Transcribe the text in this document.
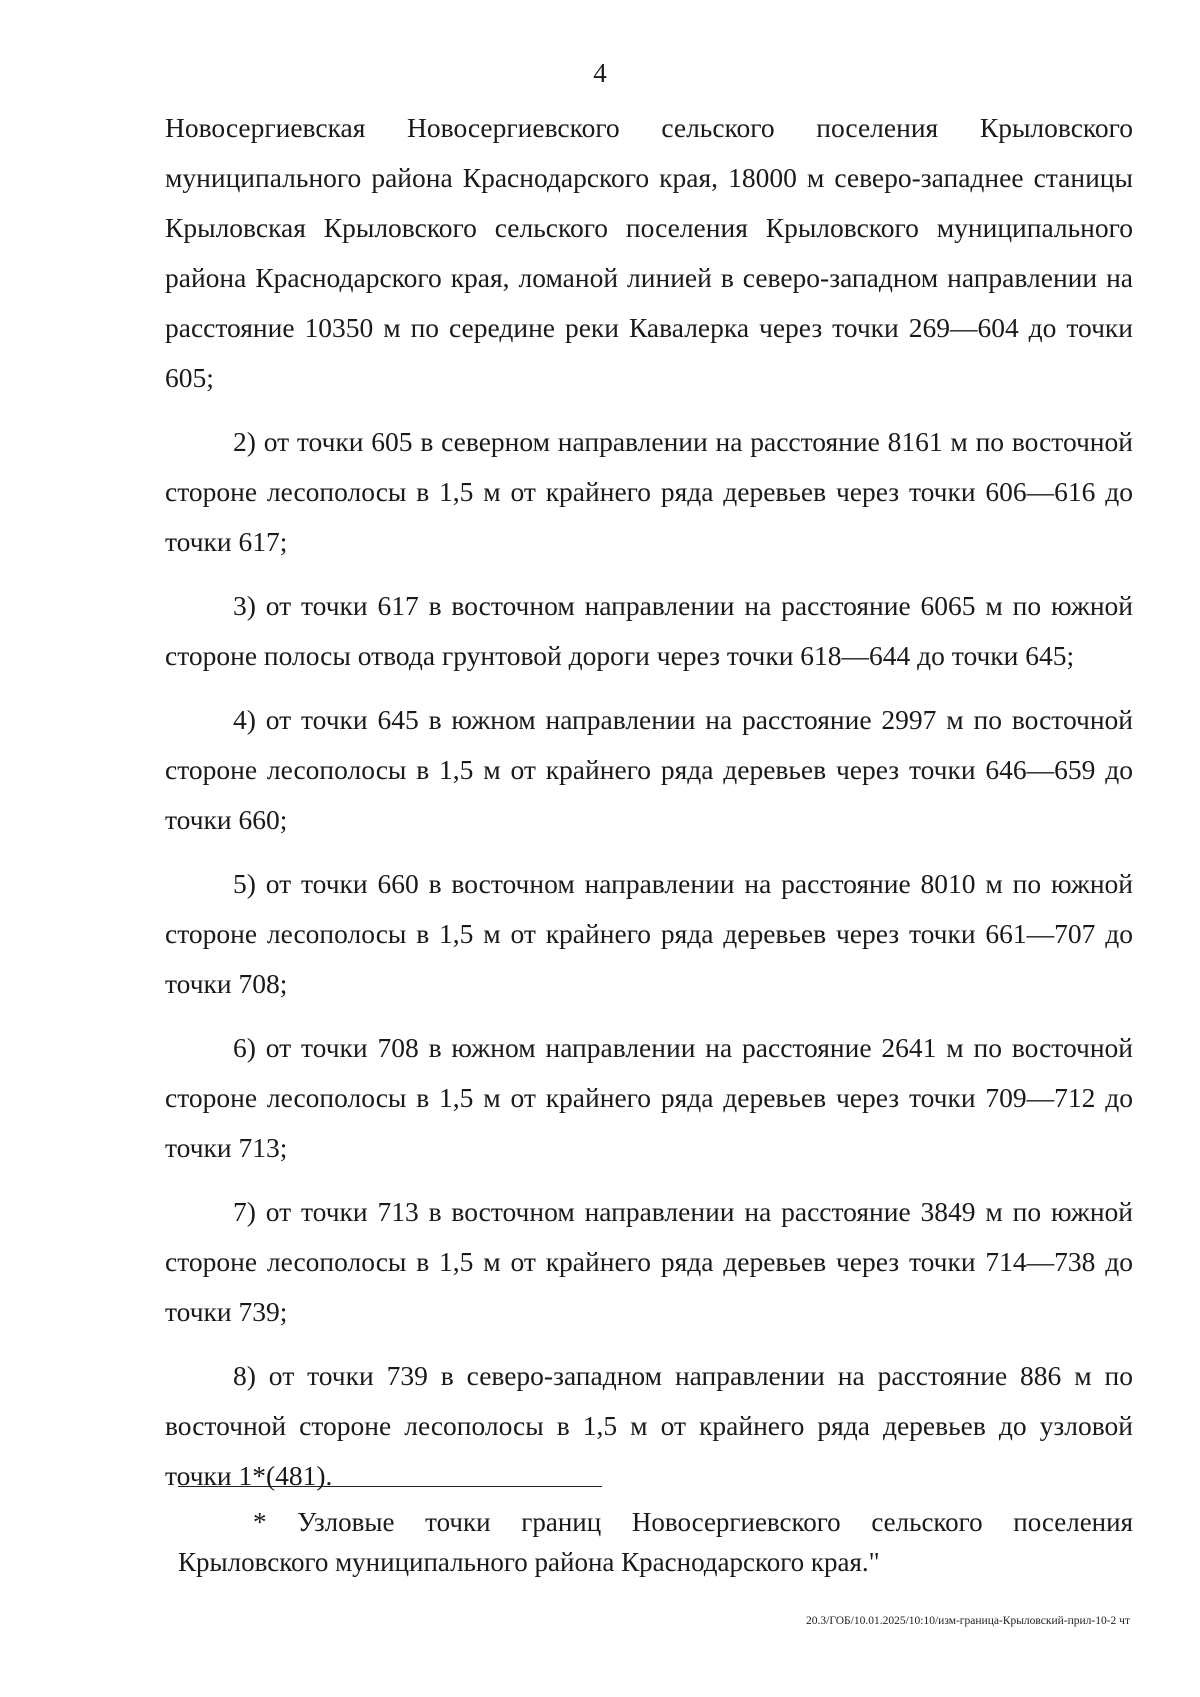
4

Новосергиевская Новосергиевского сельского поселения Крыловского муниципального района Краснодарского края, 18000 м северо-западнее станицы Крыловская Крыловского сельского поселения Крыловского муниципального района Краснодарского края, ломаной линией в северо-западном направлении на расстояние 10350 м по середине реки Кавалерка через точки 269—604 до точки 605;

2) от точки 605 в северном направлении на расстояние 8161 м по восточной стороне лесополосы в 1,5 м от крайнего ряда деревьев через точки 606—616 до точки 617;

3) от точки 617 в восточном направлении на расстояние 6065 м по южной стороне полосы отвода грунтовой дороги через точки 618—644 до точки 645;

4) от точки 645 в южном направлении на расстояние 2997 м по восточной стороне лесополосы в 1,5 м от крайнего ряда деревьев через точки 646—659 до точки 660;

5) от точки 660 в восточном направлении на расстояние 8010 м по южной стороне лесополосы в 1,5 м от крайнего ряда деревьев через точки 661—707 до точки 708;

6) от точки 708 в южном направлении на расстояние 2641 м по восточной стороне лесополосы в 1,5 м от крайнего ряда деревьев через точки 709—712 до точки 713;

7) от точки 713 в восточном направлении на расстояние 3849 м по южной стороне лесополосы в 1,5 м от крайнего ряда деревьев через точки 714—738 до точки 739;

8) от точки 739 в северо-западном направлении на расстояние 886 м по восточной стороне лесополосы в 1,5 м от крайнего ряда деревьев до узловой точки 1*(481).

* Узловые точки границ Новосергиевского сельского поселения Крыловского муниципального района Краснодарского края."

20.3/ГОБ/10.01.2025/10:10/изм-граница-Крыловский-прил-10-2 чт
